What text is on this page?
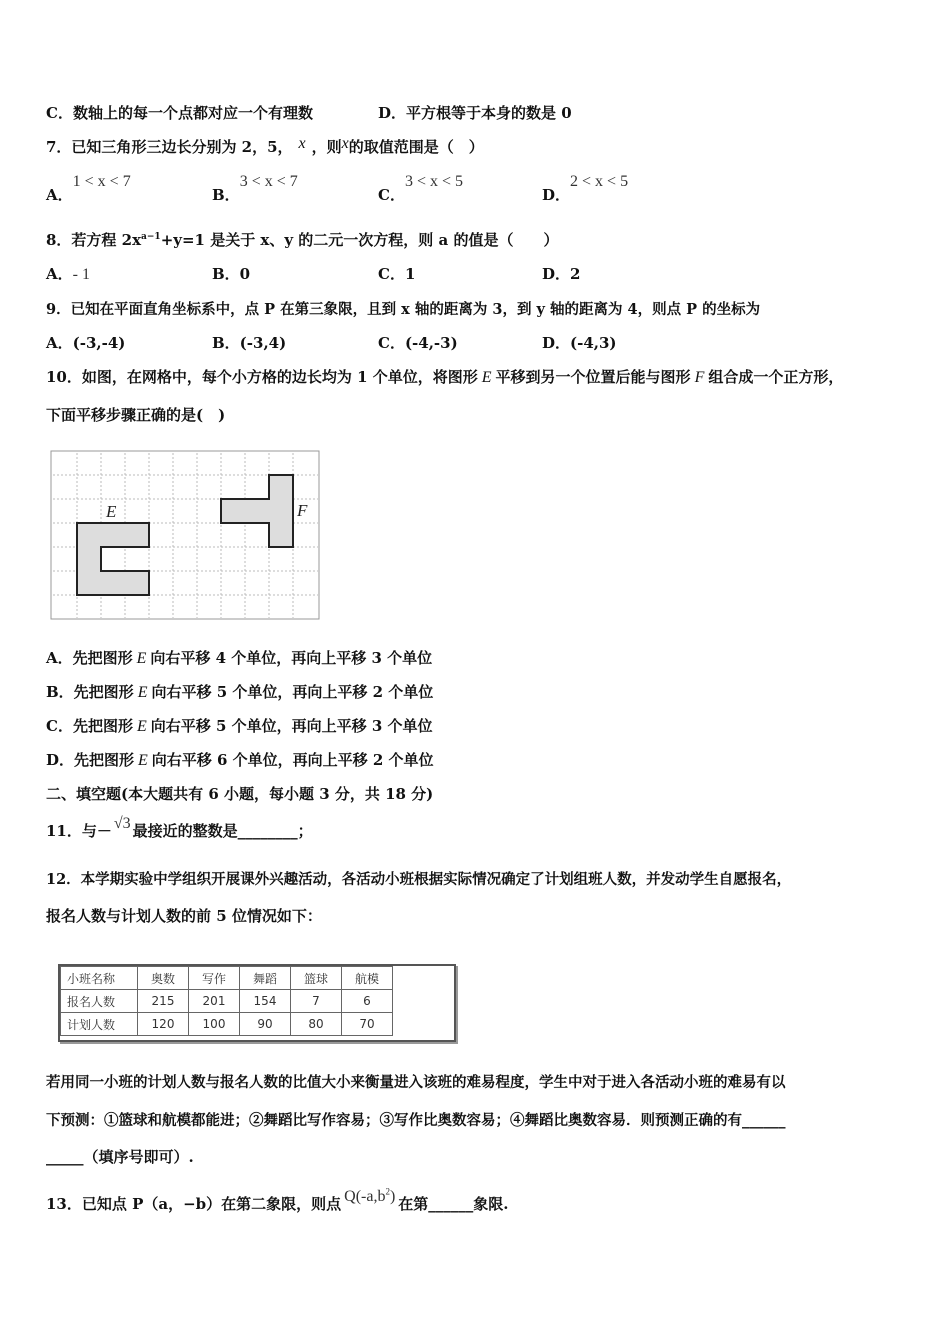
C．数轴上的每一个点都对应一个有理数	D．平方根等于本身的数是 0
7．已知三角形三边长分别为 2，5， x ，则x的取值范围是（　）
A．1 < x < 7
B．3 < x < 7
C．3 < x < 5
D．2 < x < 5
8．若方程 $2x^{a-1}+y=1$ 是关于 x、y 的二元一次方程，则 a 的值是（　　）
A．- 1	B．0	C．1	D．2
9．已知在平面直角坐标系中，点 P 在第三象限，且到 x 轴的距离为 3，到 y 轴的距离为 4，则点 P 的坐标为
A．(-3,-4)	B．(-3,4)	C．(-4,-3)	D．(-4,3)
10．如图，在网格中，每个小方格的边长均为 1 个单位，将图形 E 平移到另一个位置后能与图形 F 组合成一个正方形，
下面平移步骤正确的是(　)
E	F
A．先把图形 E 向右平移 4 个单位，再向上平移 3 个单位
B．先把图形 E 向右平移 5 个单位，再向上平移 2 个单位
C．先把图形 E 向右平移 5 个单位，再向上平移 3 个单位
D．先把图形 E 向右平移 6 个单位，再向上平移 2 个单位
二、填空题(本大题共有 6 小题，每小题 3 分，共 18 分)
11．与－ √3 最接近的整数是________；
12．本学期实验中学组织开展课外兴趣活动，各活动小班根据实际情况确定了计划组班人数，并发动学生自愿报名，
报名人数与计划人数的前 5 位情况如下：
小班名称	奥数	写作	舞蹈	篮球	航模
报名人数	215	201	154	7	6
计划人数	120	100	90	80	70
若用同一小班的计划人数与报名人数的比值大小来衡量进入该班的难易程度，学生中对于进入各活动小班的难易有以
下预测：①篮球和航模都能进；②舞蹈比写作容易；③写作比奥数容易；④舞蹈比奥数容易．则预测正确的有______
_____（填序号即可）.
13．已知点 P（a，−b）在第二象限，则点 $Q(-a,b^2)$ 在第______象限.
